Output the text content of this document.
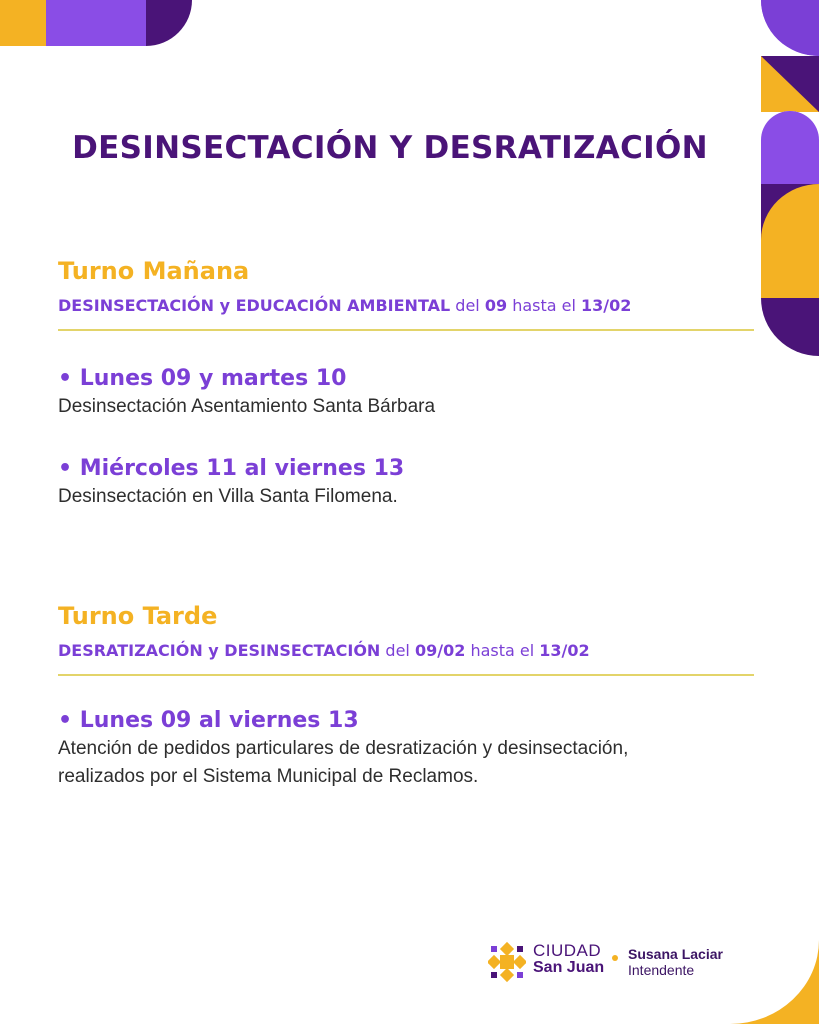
DESINSECTACIÓN Y DESRATIZACIÓN
Turno Mañana
DESINSECTACIÓN y EDUCACIÓN AMBIENTAL del 09 hasta el 13/02
• Lunes 09 y martes 10
Desinsectación Asentamiento Santa Bárbara
• Miércoles 11 al viernes 13
Desinsectación en Villa Santa Filomena.
Turno Tarde
DESRATIZACIÓN y DESINSECTACIÓN del 09/02 hasta el 13/02
• Lunes 09 al viernes 13
Atención de pedidos particulares de desratización y desinsectación,
realizados por el Sistema Municipal de Reclamos.
CIUDAD
San Juan
Susana Laciar
Intendente
